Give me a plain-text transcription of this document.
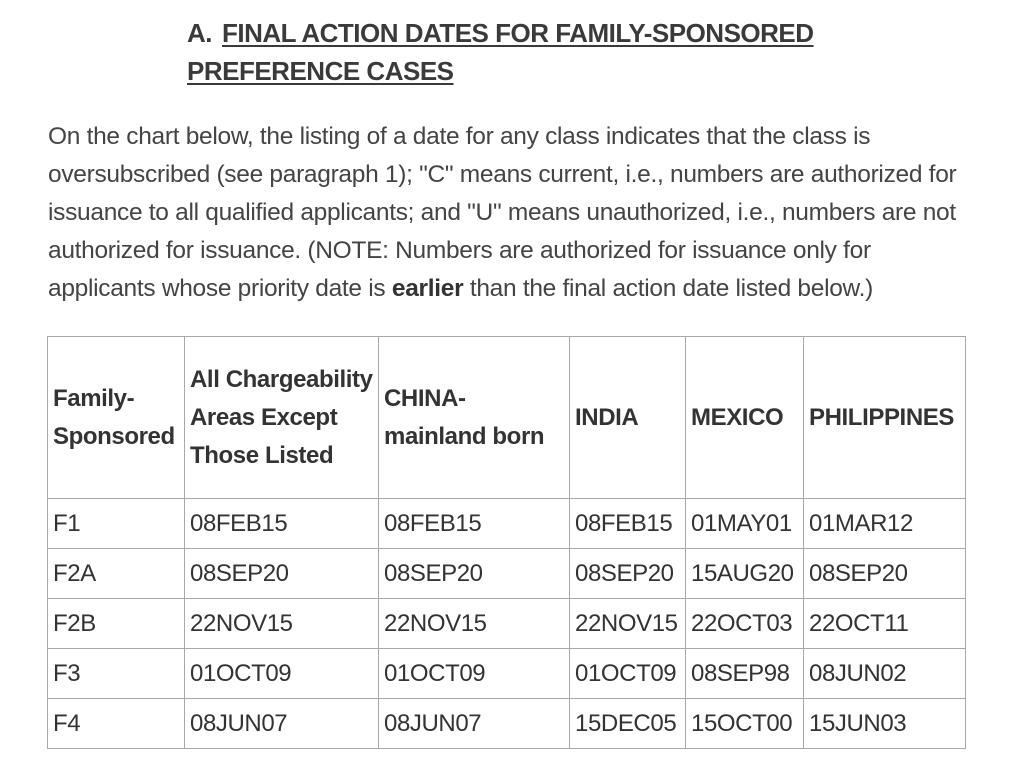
A. FINAL ACTION DATES FOR FAMILY-SPONSORED PREFERENCE CASES

On the chart below, the listing of a date for any class indicates that the class is oversubscribed (see paragraph 1); "C" means current, i.e., numbers are authorized for issuance to all qualified applicants; and "U" means unauthorized, i.e., numbers are not authorized for issuance. (NOTE: Numbers are authorized for issuance only for applicants whose priority date is earlier than the final action date listed below.)

Family-Sponsored	All Chargeability Areas Except Those Listed	CHINA-mainland born	INDIA	MEXICO	PHILIPPINES
F1	08FEB15	08FEB15	08FEB15	01MAY01	01MAR12
F2A	08SEP20	08SEP20	08SEP20	15AUG20	08SEP20
F2B	22NOV15	22NOV15	22NOV15	22OCT03	22OCT11
F3	01OCT09	01OCT09	01OCT09	08SEP98	08JUN02
F4	08JUN07	08JUN07	15DEC05	15OCT00	15JUN03
